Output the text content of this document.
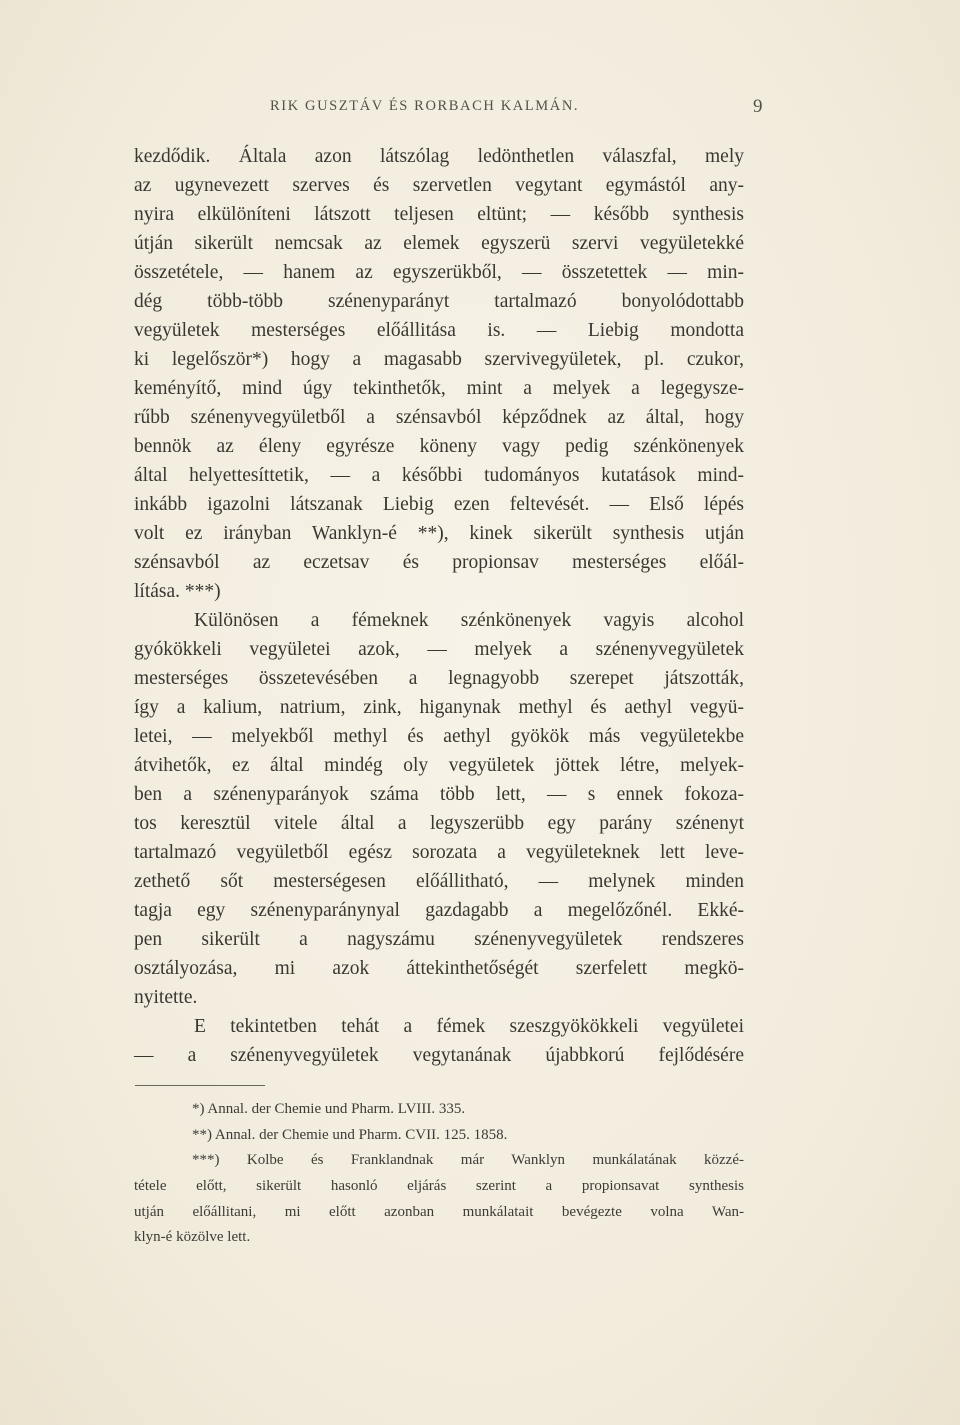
RIK GUSZTÁV ÉS RORBACH KALMÁN.	9
kezdődik. Általa azon látszólag ledönthetlen válaszfal, mely
az ugynevezett szerves és szervetlen vegytant egymástól any-
nyira elkülöníteni látszott teljesen eltünt; — később synthesis
útján sikerült nemcsak az elemek egyszerü szervi vegyületekké
összetétele, — hanem az egyszerükből, — összetettek — min-
dég több-több szénenyparányt tartalmazó bonyolódottabb
vegyületek mesterséges előállitása is. — Liebig mondotta
ki legelőször*) hogy a magasabb szervivegyületek, pl. czukor,
keményítő, mind úgy tekinthetők, mint a melyek a legegysze-
rűbb szénenyvegyületből a szénsavból képződnek az által, hogy
bennök az éleny egyrésze köneny vagy pedig szénkönenyek
által helyettesíttetik, — a későbbi tudományos kutatások mind-
inkább igazolni látszanak Liebig ezen feltevését. — Első lépés
volt ez irányban Wanklyn-é **), kinek sikerült synthesis utján
szénsavból az eczetsav és propionsav mesterséges előál-
lítása. ***)
Különösen a fémeknek szénkönenyek vagyis alcohol
gyókökkeli vegyületei azok, — melyek a szénenyvegyületek
mesterséges összetevésében a legnagyobb szerepet játszották,
így a kalium, natrium, zink, higanynak methyl és aethyl vegyü-
letei, — melyekből methyl és aethyl gyökök más vegyületekbe
átvihetők, ez által mindég oly vegyületek jöttek létre, melyek-
ben a szénenyparányok száma több lett, — s ennek fokoza-
tos keresztül vitele által a legyszerübb egy parány szénenyt
tartalmazó vegyületből egész sorozata a vegyületeknek lett leve-
zethető sőt mesterségesen előállitható, — melynek minden
tagja egy szénenyparánynyal gazdagabb a megelőzőnél. Ekké-
pen sikerült a nagyszámu szénenyvegyületek rendszeres
osztályozása, mi azok áttekinthetőségét szerfelett megkö-
nyitette.
E tekintetben tehát a fémek szeszgyökökkeli vegyületei
— a szénenyvegyületek vegytanának újabbkorú fejlődésére
*) Annal. der Chemie und Pharm. LVIII. 335.
**) Annal. der Chemie und Pharm. CVII. 125. 1858.
***) Kolbe és Franklandnak már Wanklyn munkálatának közzé-
tétele előtt, sikerült hasonló eljárás szerint a propionsavat synthesis
utján előállitani, mi előtt azonban munkálatait bevégezte volna Wan-
klyn-é közölve lett.
